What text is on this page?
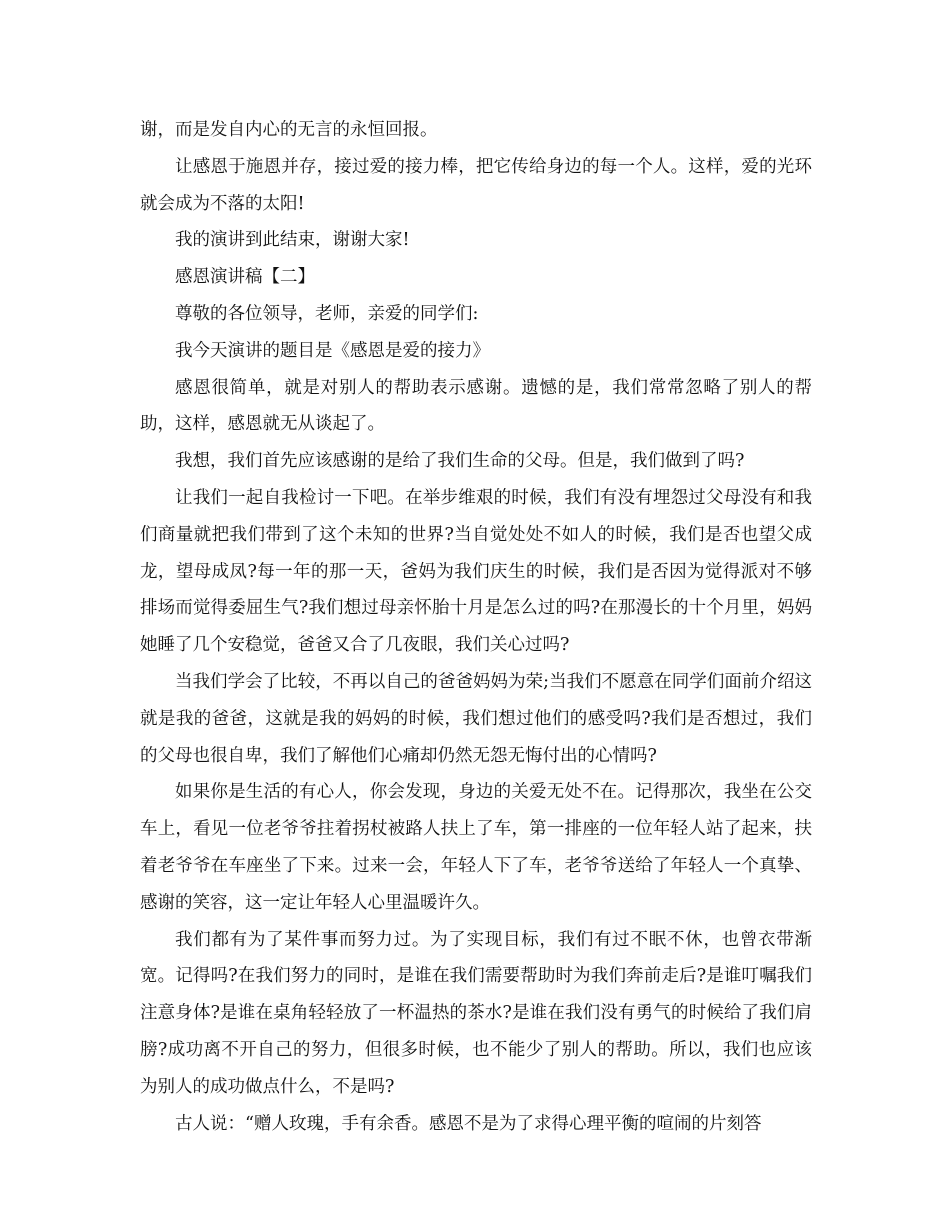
谢，而是发自内心的无言的永恒回报。

让感恩于施恩并存，接过爱的接力棒，把它传给身边的每一个人。这样，爱的光环就会成为不落的太阳!

我的演讲到此结束，谢谢大家!

感恩演讲稿【二】

尊敬的各位领导，老师，亲爱的同学们:

我今天演讲的题目是《感恩是爱的接力》

感恩很简单，就是对别人的帮助表示感谢。遗憾的是，我们常常忽略了别人的帮助，这样，感恩就无从谈起了。

我想，我们首先应该感谢的是给了我们生命的父母。但是，我们做到了吗?

让我们一起自我检讨一下吧。在举步维艰的时候，我们有没有埋怨过父母没有和我们商量就把我们带到了这个未知的世界?当自觉处处不如人的时候，我们是否也望父成龙，望母成凤?每一年的那一天，爸妈为我们庆生的时候，我们是否因为觉得派对不够排场而觉得委屈生气?我们想过母亲怀胎十月是怎么过的吗?在那漫长的十个月里，妈妈她睡了几个安稳觉，爸爸又合了几夜眼，我们关心过吗?

当我们学会了比较，不再以自己的爸爸妈妈为荣;当我们不愿意在同学们面前介绍这就是我的爸爸，这就是我的妈妈的时候，我们想过他们的感受吗?我们是否想过，我们的父母也很自卑，我们了解他们心痛却仍然无怨无悔付出的心情吗?

如果你是生活的有心人，你会发现，身边的关爱无处不在。记得那次，我坐在公交车上，看见一位老爷爷拄着拐杖被路人扶上了车，第一排座的一位年轻人站了起来，扶着老爷爷在车座坐了下来。过来一会，年轻人下了车，老爷爷送给了年轻人一个真挚、感谢的笑容，这一定让年轻人心里温暖许久。

我们都有为了某件事而努力过。为了实现目标，我们有过不眠不休，也曾衣带渐宽。记得吗?在我们努力的同时，是谁在我们需要帮助时为我们奔前走后?是谁叮嘱我们注意身体?是谁在桌角轻轻放了一杯温热的茶水?是谁在我们没有勇气的时候给了我们肩膀?成功离不开自己的努力，但很多时候，也不能少了别人的帮助。所以，我们也应该为别人的成功做点什么，不是吗?

古人说：“赠人玫瑰，手有余香。感恩不是为了求得心理平衡的喧闹的片刻答
